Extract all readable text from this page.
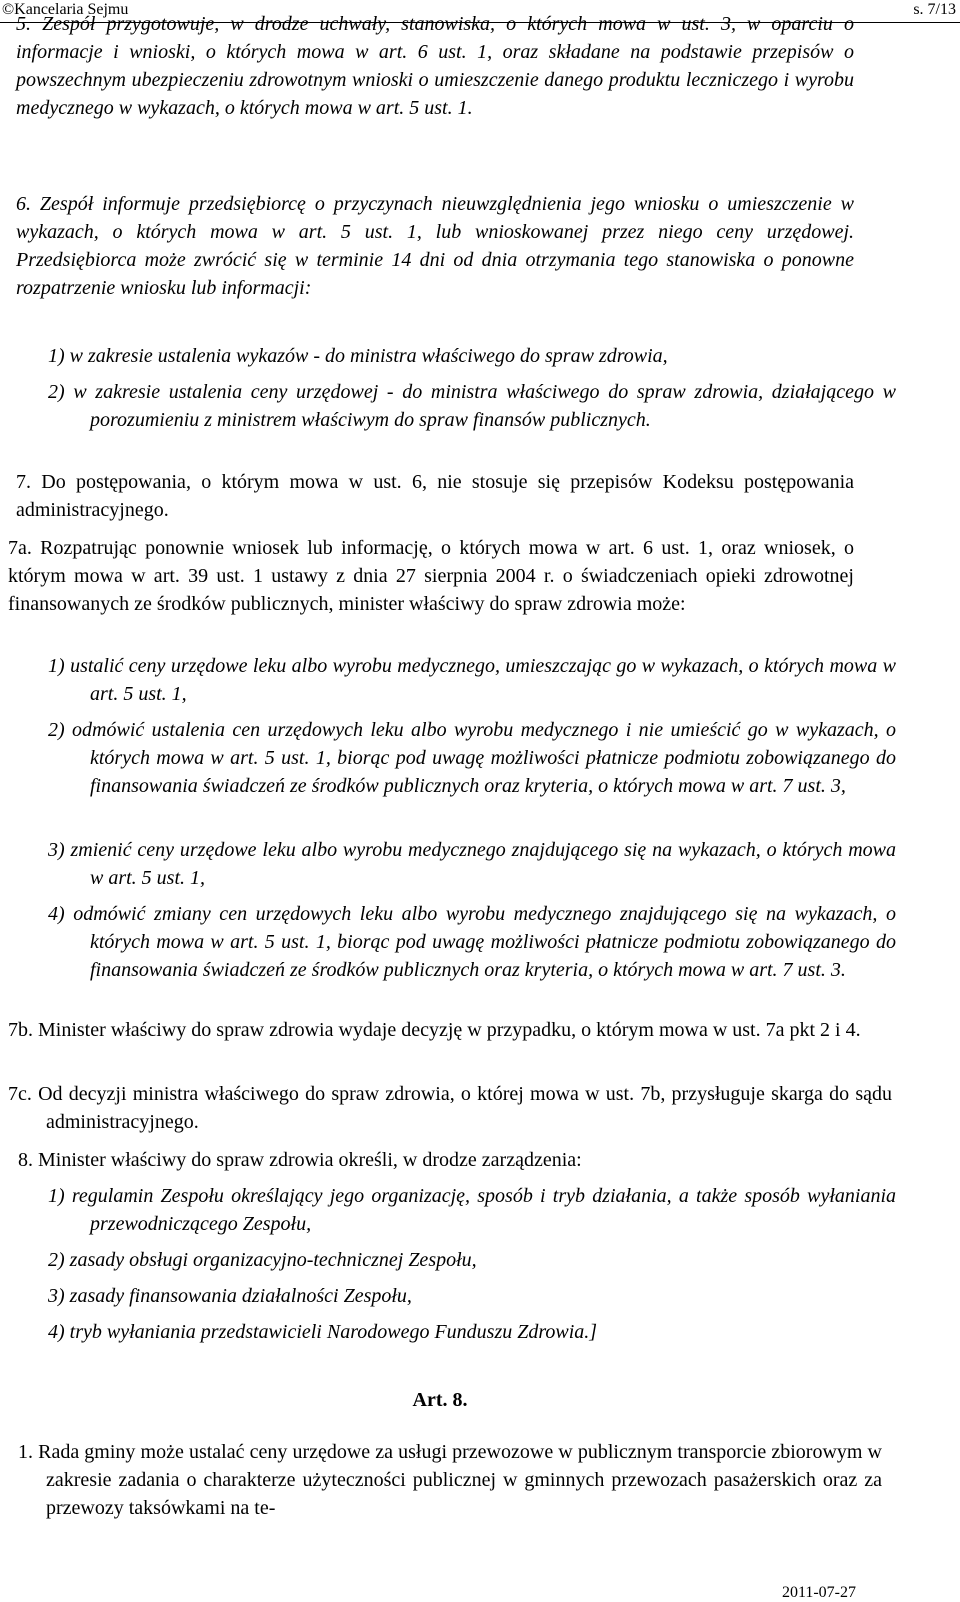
©Kancelaria Sejmu	s. 7/13
5. Zespół przygotowuje, w drodze uchwały, stanowiska, o których mowa w ust. 3, w oparciu o informacje i wnioski, o których mowa w art. 6 ust. 1, oraz składane na podstawie przepisów o powszechnym ubezpieczeniu zdrowotnym wnioski o umieszczenie danego produktu leczniczego i wyrobu medycznego w wykazach, o których mowa w art. 5 ust. 1.
6. Zespół informuje przedsiębiorcę o przyczynach nieuwzględnienia jego wniosku o umieszczenie w wykazach, o których mowa w art. 5 ust. 1, lub wnioskowanej przez niego ceny urzędowej. Przedsiębiorca może zwrócić się w terminie 14 dni od dnia otrzymania tego stanowiska o ponowne rozpatrzenie wniosku lub informacji:
1) w zakresie ustalenia wykazów - do ministra właściwego do spraw zdrowia,
2) w zakresie ustalenia ceny urzędowej - do ministra właściwego do spraw zdrowia, działającego w porozumieniu z ministrem właściwym do spraw finansów publicznych.
7. Do postępowania, o którym mowa w ust. 6, nie stosuje się przepisów Kodeksu postępowania administracyjnego.
7a. Rozpatrując ponownie wniosek lub informację, o których mowa w art. 6 ust. 1, oraz wniosek, o którym mowa w art. 39 ust. 1 ustawy z dnia 27 sierpnia 2004 r. o świadczeniach opieki zdrowotnej finansowanych ze środków publicznych, minister właściwy do spraw zdrowia może:
1) ustalić ceny urzędowe leku albo wyrobu medycznego, umieszczając go w wykazach, o których mowa w art. 5 ust. 1,
2) odmówić ustalenia cen urzędowych leku albo wyrobu medycznego i nie umieścić go w wykazach, o których mowa w art. 5 ust. 1, biorąc pod uwagę możliwości płatnicze podmiotu zobowiązanego do finansowania świadczeń ze środków publicznych oraz kryteria, o których mowa w art. 7 ust. 3,
3) zmienić ceny urzędowe leku albo wyrobu medycznego znajdującego się na wykazach, o których mowa w art. 5 ust. 1,
4) odmówić zmiany cen urzędowych leku albo wyrobu medycznego znajdującego się na wykazach, o których mowa w art. 5 ust. 1, biorąc pod uwagę możliwości płatnicze podmiotu zobowiązanego do finansowania świadczeń ze środków publicznych oraz kryteria, o których mowa w art. 7 ust. 3.
7b. Minister właściwy do spraw zdrowia wydaje decyzję w przypadku, o którym mowa w ust. 7a pkt 2 i 4.
7c. Od decyzji ministra właściwego do spraw zdrowia, o której mowa w ust. 7b, przysługuje skarga do sądu administracyjnego.
8. Minister właściwy do spraw zdrowia określi, w drodze zarządzenia:
1) regulamin Zespołu określający jego organizację, sposób i tryb działania, a także sposób wyłaniania przewodniczącego Zespołu,
2) zasady obsługi organizacyjno-technicznej Zespołu,
3) zasady finansowania działalności Zespołu,
4) tryb wyłaniania przedstawicieli Narodowego Funduszu Zdrowia.]
Art. 8.
1. Rada gminy może ustalać ceny urzędowe za usługi przewozowe w publicznym transporcie zbiorowym w zakresie zadania o charakterze użyteczności publicznej w gminnych przewozach pasażerskich oraz za przewozy taksówkami na te-
2011-07-27
